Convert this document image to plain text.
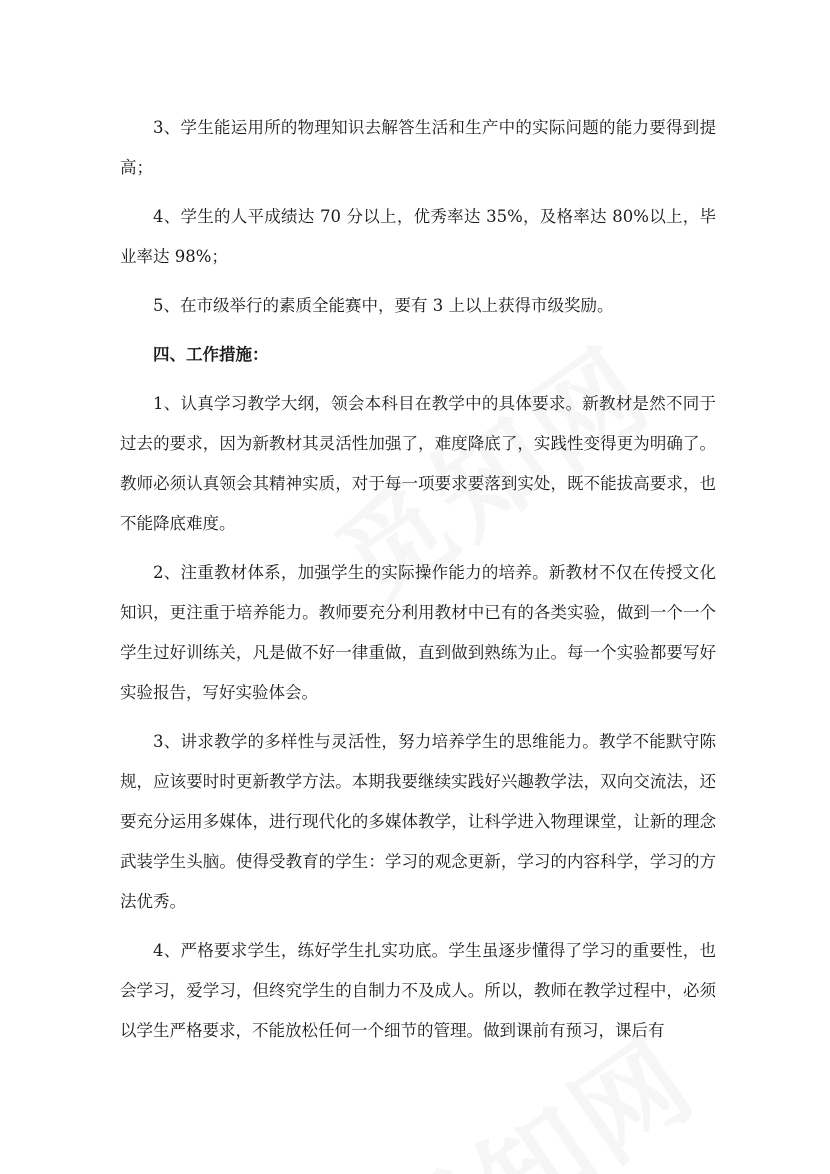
3、学生能运用所的物理知识去解答生活和生产中的实际问题的能力要得到提高；

4、学生的人平成绩达 70 分以上，优秀率达 35%，及格率达 80%以上，毕业率达 98%；

5、在市级举行的素质全能赛中，要有 3 上以上获得市级奖励。

四、工作措施：

1、认真学习教学大纲，领会本科目在教学中的具体要求。新教材是然不同于过去的要求，因为新教材其灵活性加强了，难度降底了，实践性变得更为明确了。教师必须认真领会其精神实质，对于每一项要求要落到实处，既不能拔高要求，也不能降底难度。

2、注重教材体系，加强学生的实际操作能力的培养。新教材不仅在传授文化知识，更注重于培养能力。教师要充分利用教材中已有的各类实验，做到一个一个学生过好训练关，凡是做不好一律重做，直到做到熟练为止。每一个实验都要写好实验报告，写好实验体会。

3、讲求教学的多样性与灵活性，努力培养学生的思维能力。教学不能默守陈规，应该要时时更新教学方法。本期我要继续实践好兴趣教学法，双向交流法，还要充分运用多媒体，进行现代化的多媒体教学，让科学进入物理课堂，让新的理念武装学生头脑。使得受教育的学生：学习的观念更新，学习的内容科学，学习的方法优秀。

4、严格要求学生，练好学生扎实功底。学生虽逐步懂得了学习的重要性，也会学习，爱学习，但终究学生的自制力不及成人。所以，教师在教学过程中，必须以学生严格要求，不能放松任何一个细节的管理。做到课前有预习，课后有
